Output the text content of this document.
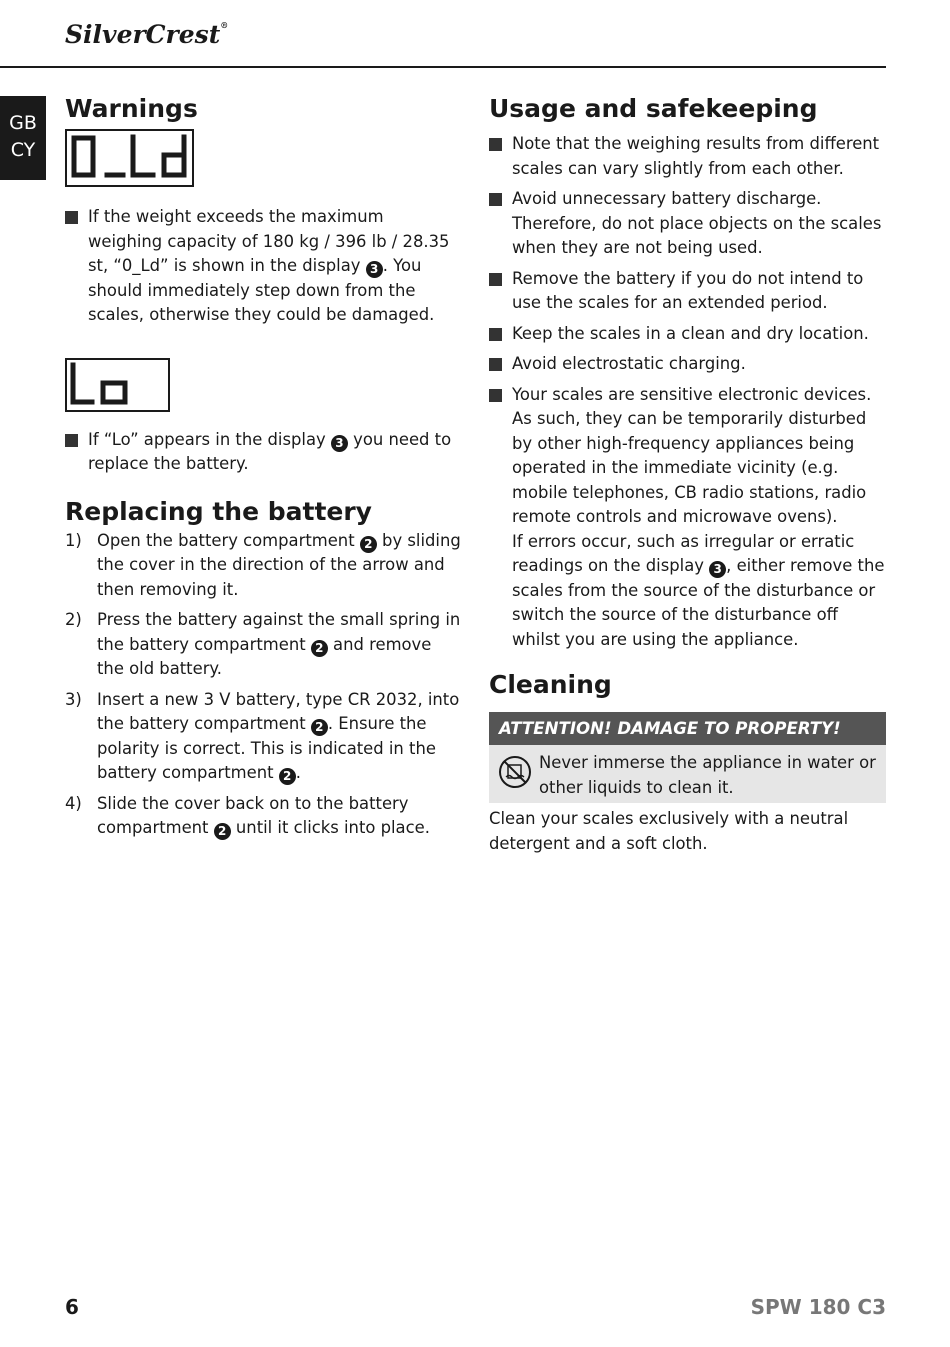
SilverCrest®
GB
CY
Warnings

If the weight exceeds the maximum weighing capacity of 180 kg / 396 lb / 28.35 st, “0_Ld” is shown in the display 3 . You should immediately step down from the scales, otherwise they could be damaged.

If “Lo” appears in the display 3 you need to replace the battery.

Replacing the battery

1) Open the battery compartment 2 by sliding the cover in the direction of the arrow and then removing it.

2) Press the battery against the small spring in the battery compartment 2 and remove the old battery.

3) Insert a new 3 V battery, type CR 2032, into the battery compartment 2 . Ensure the polarity is correct. This is indicated in the battery compartment 2 .

4) Slide the cover back on to the battery compartment 2 until it clicks into place.

Usage and safekeeping

Note that the weighing results from different scales can vary slightly from each other.

Avoid unnecessary battery discharge. Therefore, do not place objects on the scales when they are not being used.

Remove the battery if you do not intend to use the scales for an extended period.

Keep the scales in a clean and dry location.

Avoid electrostatic charging.

Your scales are sensitive electronic devices. As such, they can be temporarily disturbed by other high-frequency appliances being operated in the immediate vicinity (e.g. mobile telephones, CB radio stations, radio remote controls and microwave ovens).
If errors occur, such as irregular or erratic readings on the display 3 , either remove the scales from the source of the disturbance or switch the source of the disturbance off whilst you are using the appliance.
Cleaning
ATTENTION! DAMAGE TO PROPERTY!
Never immerse the appliance in water or other liquids to clean it.

Clean your scales exclusively with a neutral detergent and a soft cloth.

6	SPW 180 C3
